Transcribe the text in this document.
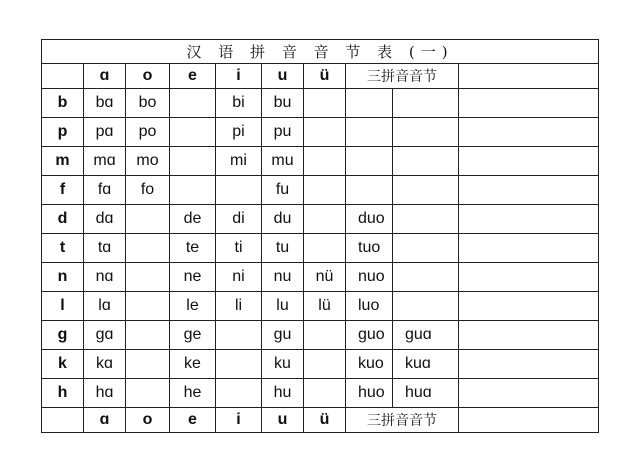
汉 语 拼 音 音 节 表 (一)									
	ɑ	o	e	i	u	ü	三拼音音节		
b	bɑ	bo		bi	bu				
p	pɑ	po		pi	pu				
m	mɑ	mo		mi	mu				
f	fɑ	fo			fu				
d	dɑ		de	di	du		duo		
t	tɑ		te	ti	tu		tuo		
n	nɑ		ne	ni	nu	nü	nuo		
l	lɑ		le	li	lu	lü	luo		
g	gɑ		ge		gu		guo	guɑ	
k	kɑ		ke		ku		kuo	kuɑ	
h	hɑ		he		hu		huo	huɑ	
	ɑ	o	e	i	u	ü	三拼音音节		
